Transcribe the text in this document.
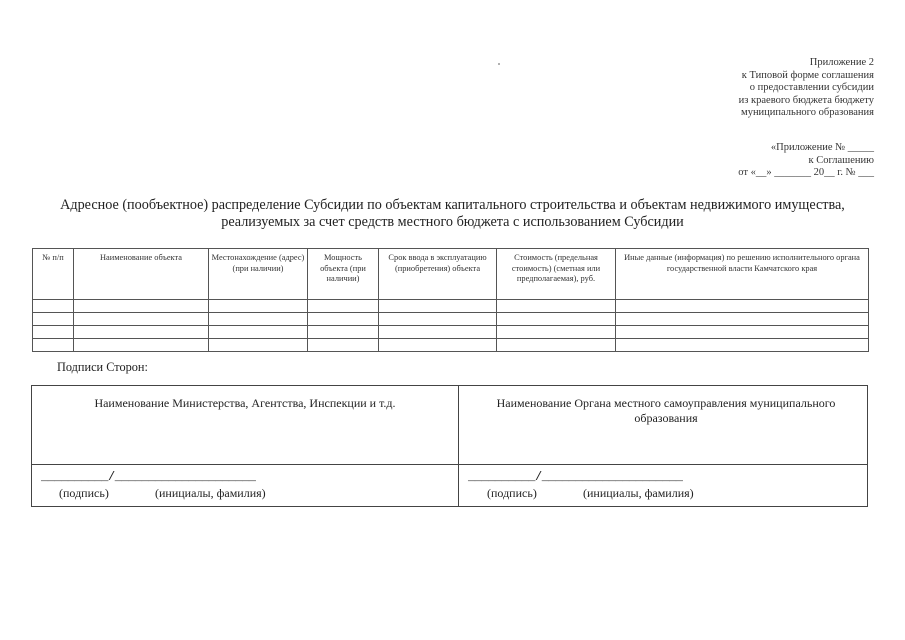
Приложение 2
к Типовой форме соглашения
о предоставлении субсидии
из краевого бюджета бюджету
муниципального образования
«Приложение № _____
к Соглашению
от «__» _______ 20__ г. № ___
Адресное (пообъектное) распределение Субсидии по объектам капитального строительства и объектам недвижимого имущества,
реализуемых за счет средств местного бюджета с использованием Субсидии
№ п/п	Наименование объекта	Местонахождение (адрес) (при наличии)	Мощность объекта (при наличии)	Срок ввода в эксплуатацию (приобретения) объекта	Стоимость (предельная стоимость) (сметная или предполагаемая), руб.	Иные данные (информация) по решению исполнительного органа государственной власти Камчатского края

Подписи Сторон:
Наименование Министерства, Агентства, Инспекции и т.д.	Наименование Органа местного самоуправления муниципального образования
__________/_____________________	__________/_____________________
(подпись)	(инициалы, фамилия)	(подпись)	(инициалы, фамилия)
